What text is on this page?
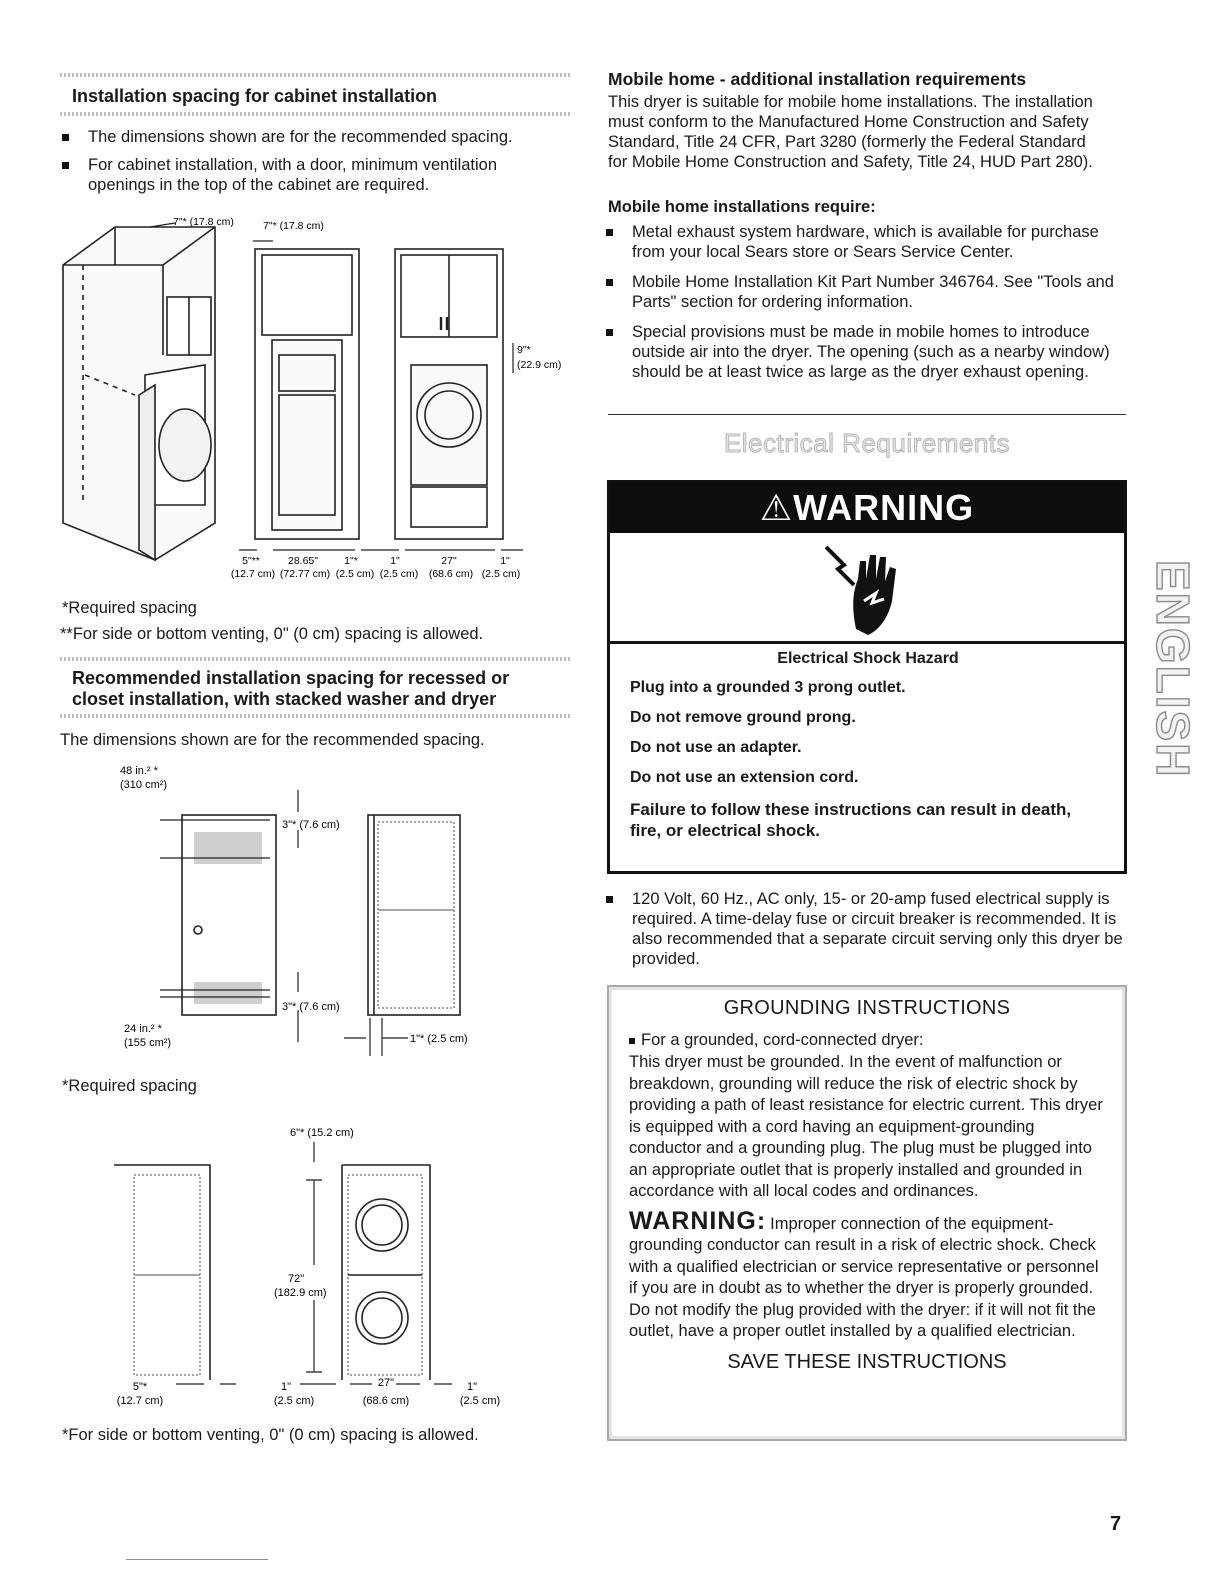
Installation spacing for cabinet installation
The dimensions shown are for the recommended spacing.
For cabinet installation, with a door, minimum ventilation openings in the top of the cabinet are required.
7"* (17.8 cm)	7"* (17.8 cm)
9"*
(22.9 cm)
5"**	28.65" 1"*	1"	27"	1"
(12.7 cm) (72.77 cm) (2.5 cm) (2.5 cm) (68.6 cm) (2.5 cm)
*Required spacing
**For side or bottom venting, 0" (0 cm) spacing is allowed.
Recommended installation spacing for recessed or closet installation, with stacked washer and dryer
The dimensions shown are for the recommended spacing.
48 in.² *
(310 cm²)
3"* (7.6 cm)
3"* (7.6 cm)
1"* (2.5 cm)
24 in.² *
(155 cm²)
*Required spacing
6"* (15.2 cm)
72"
(182.9 cm)
5"*	1"	27"	1"
(12.7 cm)	(2.5 cm)	(68.6 cm)	(2.5 cm)
*For side or bottom venting, 0" (0 cm) spacing is allowed.
Mobile home - additional installation requirements
This dryer is suitable for mobile home installations. The installation must conform to the Manufactured Home Construction and Safety Standard, Title 24 CFR, Part 3280 (formerly the Federal Standard for Mobile Home Construction and Safety, Title 24, HUD Part 280).
Mobile home installations require:
Metal exhaust system hardware, which is available for purchase from your local Sears store or Sears Service Center.
Mobile Home Installation Kit Part Number 346764. See "Tools and Parts" section for ordering information.
Special provisions must be made in mobile homes to introduce outside air into the dryer. The opening (such as a nearby window) should be at least twice as large as the dryer exhaust opening.
Electrical Requirements
⚠WARNING
Electrical Shock Hazard
Plug into a grounded 3 prong outlet.
Do not remove ground prong.
Do not use an adapter.
Do not use an extension cord.
Failure to follow these instructions can result in death, fire, or electrical shock.
120 Volt, 60 Hz., AC only, 15- or 20-amp fused electrical supply is required. A time-delay fuse or circuit breaker is recommended. It is also recommended that a separate circuit serving only this dryer be provided.
GROUNDING INSTRUCTIONS
For a grounded, cord-connected dryer:
This dryer must be grounded. In the event of malfunction or breakdown, grounding will reduce the risk of electric shock by providing a path of least resistance for electric current. This dryer is equipped with a cord having an equipment-grounding conductor and a grounding plug. The plug must be plugged into an appropriate outlet that is properly installed and grounded in accordance with all local codes and ordinances.
WARNING: Improper connection of the equipment-grounding conductor can result in a risk of electric shock. Check with a qualified electrician or service representative or personnel if you are in doubt as to whether the dryer is properly grounded. Do not modify the plug provided with the dryer: if it will not fit the outlet, have a proper outlet installed by a qualified electrician.
SAVE THESE INSTRUCTIONS
ENGLISH
7
